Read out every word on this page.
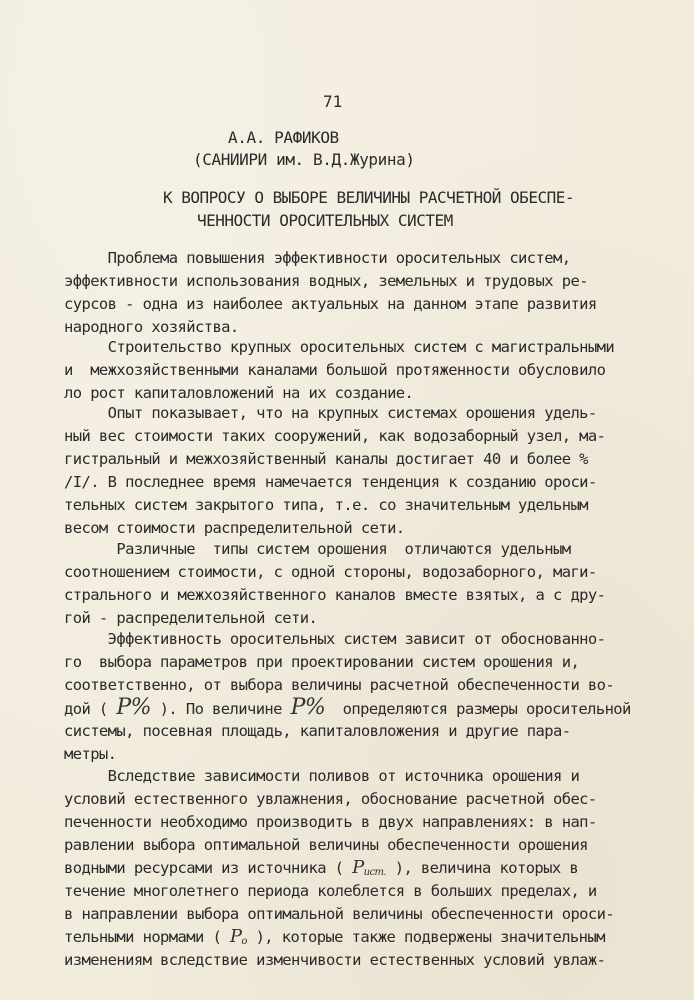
71
А.А. РАФИКОВ
(САНИИРИ им. В.Д.Журина)
К ВОПРОСУ О ВЫБОРЕ ВЕЛИЧИНЫ РАСЧЕТНОЙ ОБЕСПЕ-
ЧЕННОСТИ ОРОСИТЕЛЬНЫХ СИСТЕМ
Проблема повышения эффективности оросительных систем,
эффективности использования водных, земельных и трудовых ре-
сурсов - одна из наиболее актуальных на данном этапе развития
народного хозяйства.
Строительство крупных оросительных систем с магистральными
и  межхозяйственными каналами большой протяженности обусловило
ло рост капиталовложений на их создание.
Опыт показывает, что на крупных системах орошения удель-
ный вес стоимости таких сооружений, как водозаборный узел, ма-
гистральный и межхозяйственный каналы достигает 40 и более %
/I/. В последнее время намечается тенденция к созданию ороси-
тельных систем закрытого типа, т.е. со значительным удельным
весом стоимости распределительной сети.
Различные  типы систем орошения  отличаются удельным
соотношением стоимости, с одной стороны, водозаборного, маги-
стрального и межхозяйственного каналов вместе взятых, а с дру-
гой - распределительной сети.
Эффективность оросительных систем зависит от обоснованно-
го  выбора параметров при проектировании систем орошения и,
соответственно, от выбора величины расчетной обеспеченности во-
дой ( P% ). По величине P%  определяются размеры оросительной
системы, посевная площадь, капиталовложения и другие пара-
метры.
Вследствие зависимости поливов от источника орошения и
условий естественного увлажнения, обоснование расчетной обес-
печенности необходимо производить в двух направлениях: в нап-
равлении выбора оптимальной величины обеспеченности орошения
водными ресурсами из источника ( $P_{ист.}$ ), величина которых в
течение многолетнего периода колеблется в больших пределах, и
в направлении выбора оптимальной величины обеспеченности ороси-
тельными нормами ( $P_о$ ), которые также подвержены значительным
изменениям вследствие изменчивости естественных условий увлаж-
